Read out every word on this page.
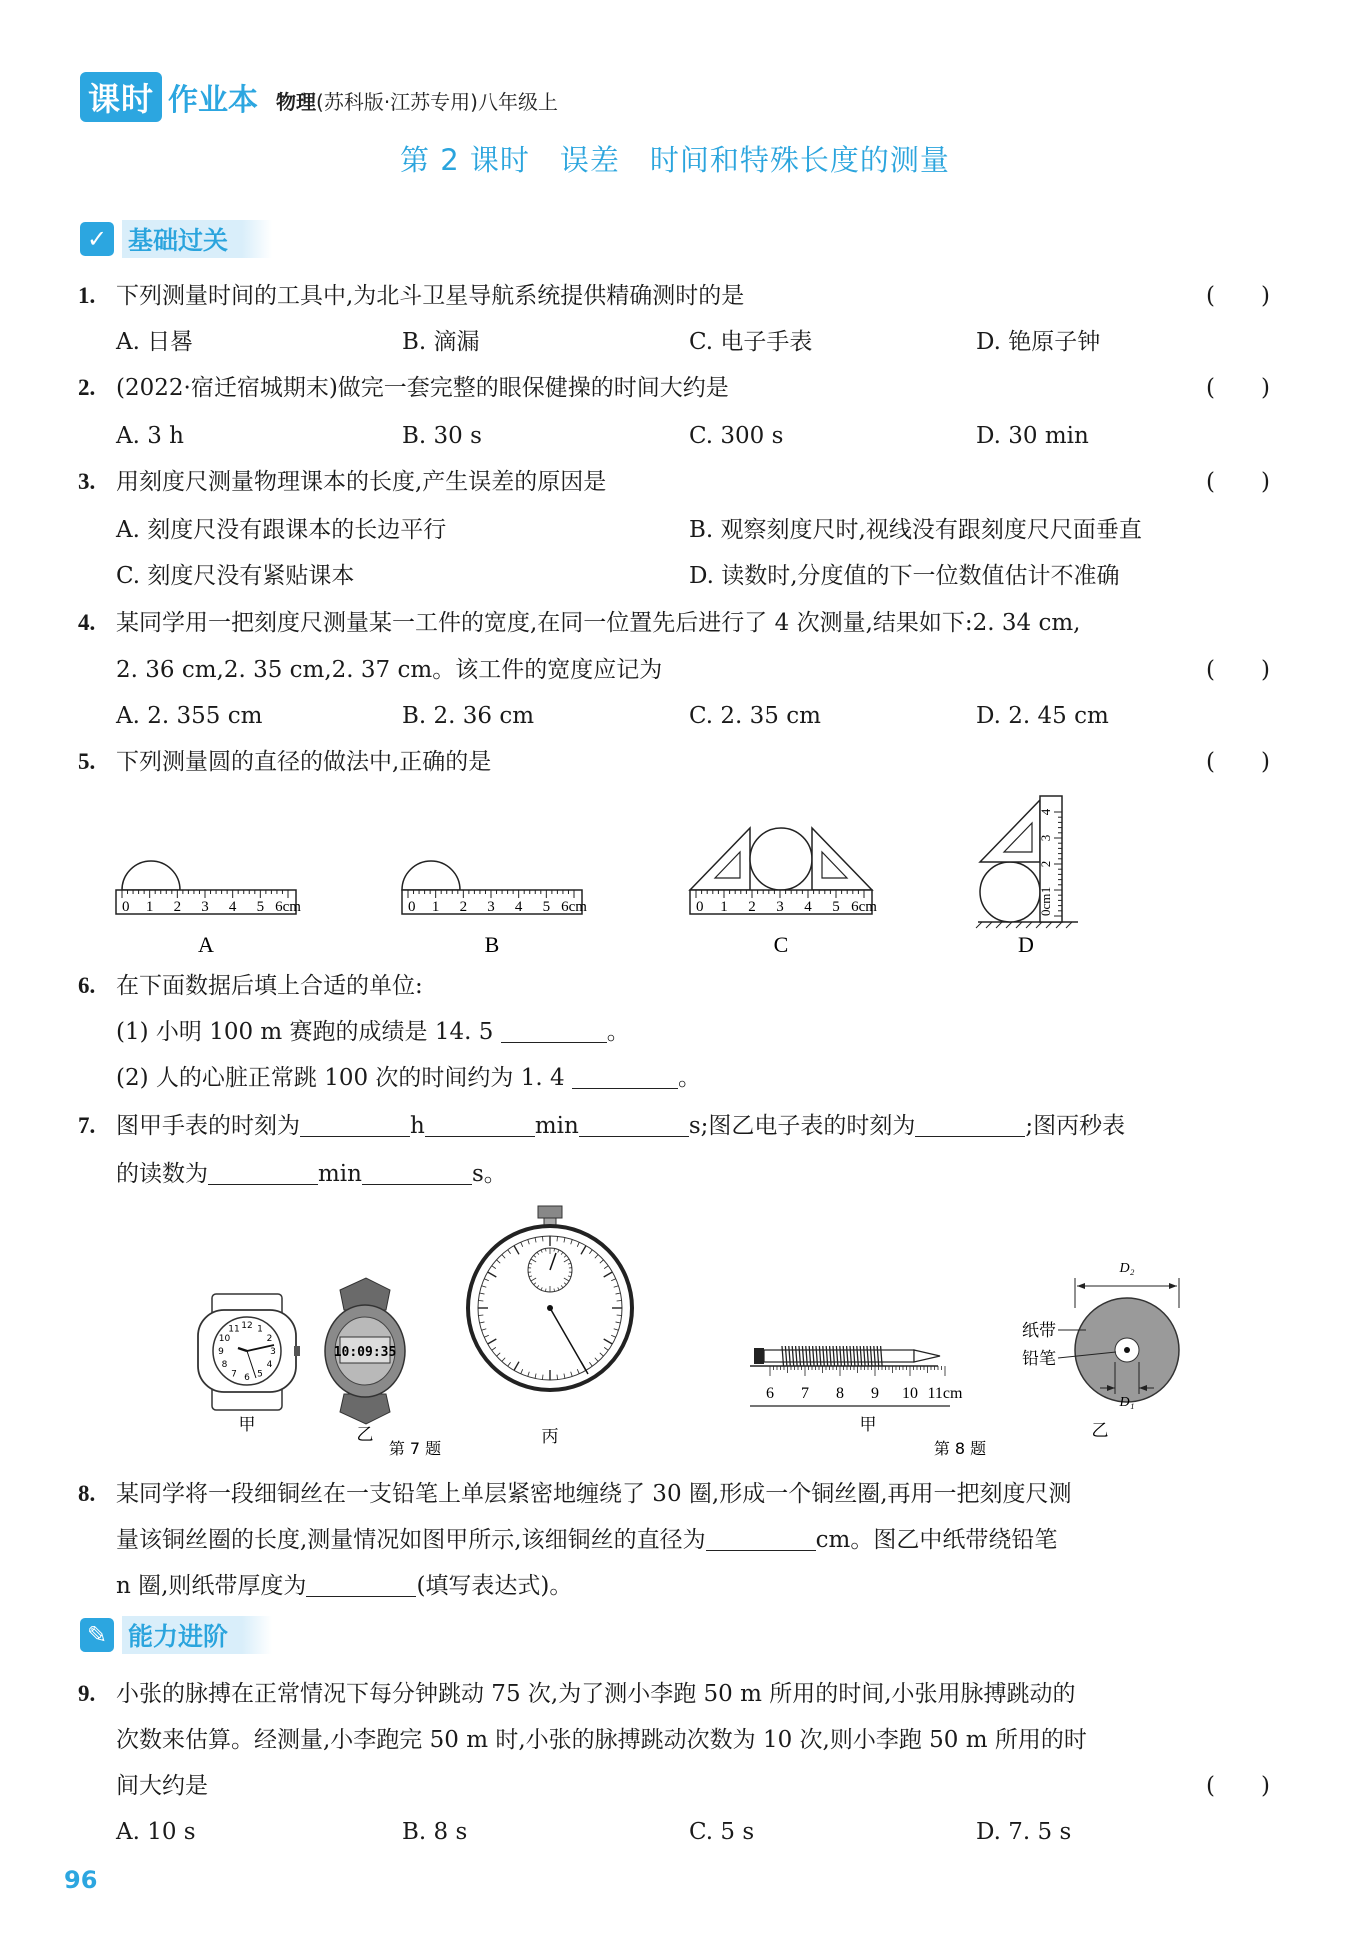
课时 作业本 物理(苏科版·江苏专用)八年级上
第 2 课时　误差　时间和特殊长度的测量
✓ 基础过关
1. 下列测量时间的工具中,为北斗卫星导航系统提供精确测时的是	(　　)
A. 日晷	B. 滴漏	C. 电子手表	D. 铯原子钟
2. (2022·宿迁宿城期末)做完一套完整的眼保健操的时间大约是	(　　)
A. 3 h	B. 30 s	C. 300 s	D. 30 min
3. 用刻度尺测量物理课本的长度,产生误差的原因是	(　　)
A. 刻度尺没有跟课本的长边平行	B. 观察刻度尺时,视线没有跟刻度尺尺面垂直
C. 刻度尺没有紧贴课本	D. 读数时,分度值的下一位数值估计不准确
4. 某同学用一把刻度尺测量某一工件的宽度,在同一位置先后进行了 4 次测量,结果如下:2. 34 cm,
2. 36 cm,2. 35 cm,2. 37 cm。该工件的宽度应记为	(　　)
A. 2. 355 cm	B. 2. 36 cm	C. 2. 35 cm	D. 2. 45 cm
5. 下列测量圆的直径的做法中,正确的是	(　　)
0 1 2 3 4 5 6cm
A
0 1 2 3 4 5 6cm
B
0 1 2 3 4 5 6cm
C
0cm
1
2
3
4
D
6. 在下面数据后填上合适的单位:
(1) 小明 100 m 赛跑的成绩是 14. 5	。
(2) 人的心脏正常跳 100 次的时间约为 1. 4	。
7. 图甲手表的时刻为	h	min	s;图乙电子表的时刻为	;图丙秒表
的读数为	min	s。
12 1
2
3
4
5
6
7
8
9
10
11
甲
10:09:35
乙	丙
第 7 题
6 7 8 9 10 11cm
甲
D₂
D₁
纸带
铅笔
乙
第 8 题
8. 某同学将一段细铜丝在一支铅笔上单层紧密地缠绕了 30 圈,形成一个铜丝圈,再用一把刻度尺测
量该铜丝圈的长度,测量情况如图甲所示,该细铜丝的直径为	cm。图乙中纸带绕铅笔
n 圈,则纸带厚度为	(填写表达式)。
✎ 能力进阶
9. 小张的脉搏在正常情况下每分钟跳动 75 次,为了测小李跑 50 m 所用的时间,小张用脉搏跳动的
次数来估算。经测量,小李跑完 50 m 时,小张的脉搏跳动次数为 10 次,则小李跑 50 m 所用的时
间大约是	(　　)
A. 10 s	B. 8 s	C. 5 s	D. 7. 5 s
96
